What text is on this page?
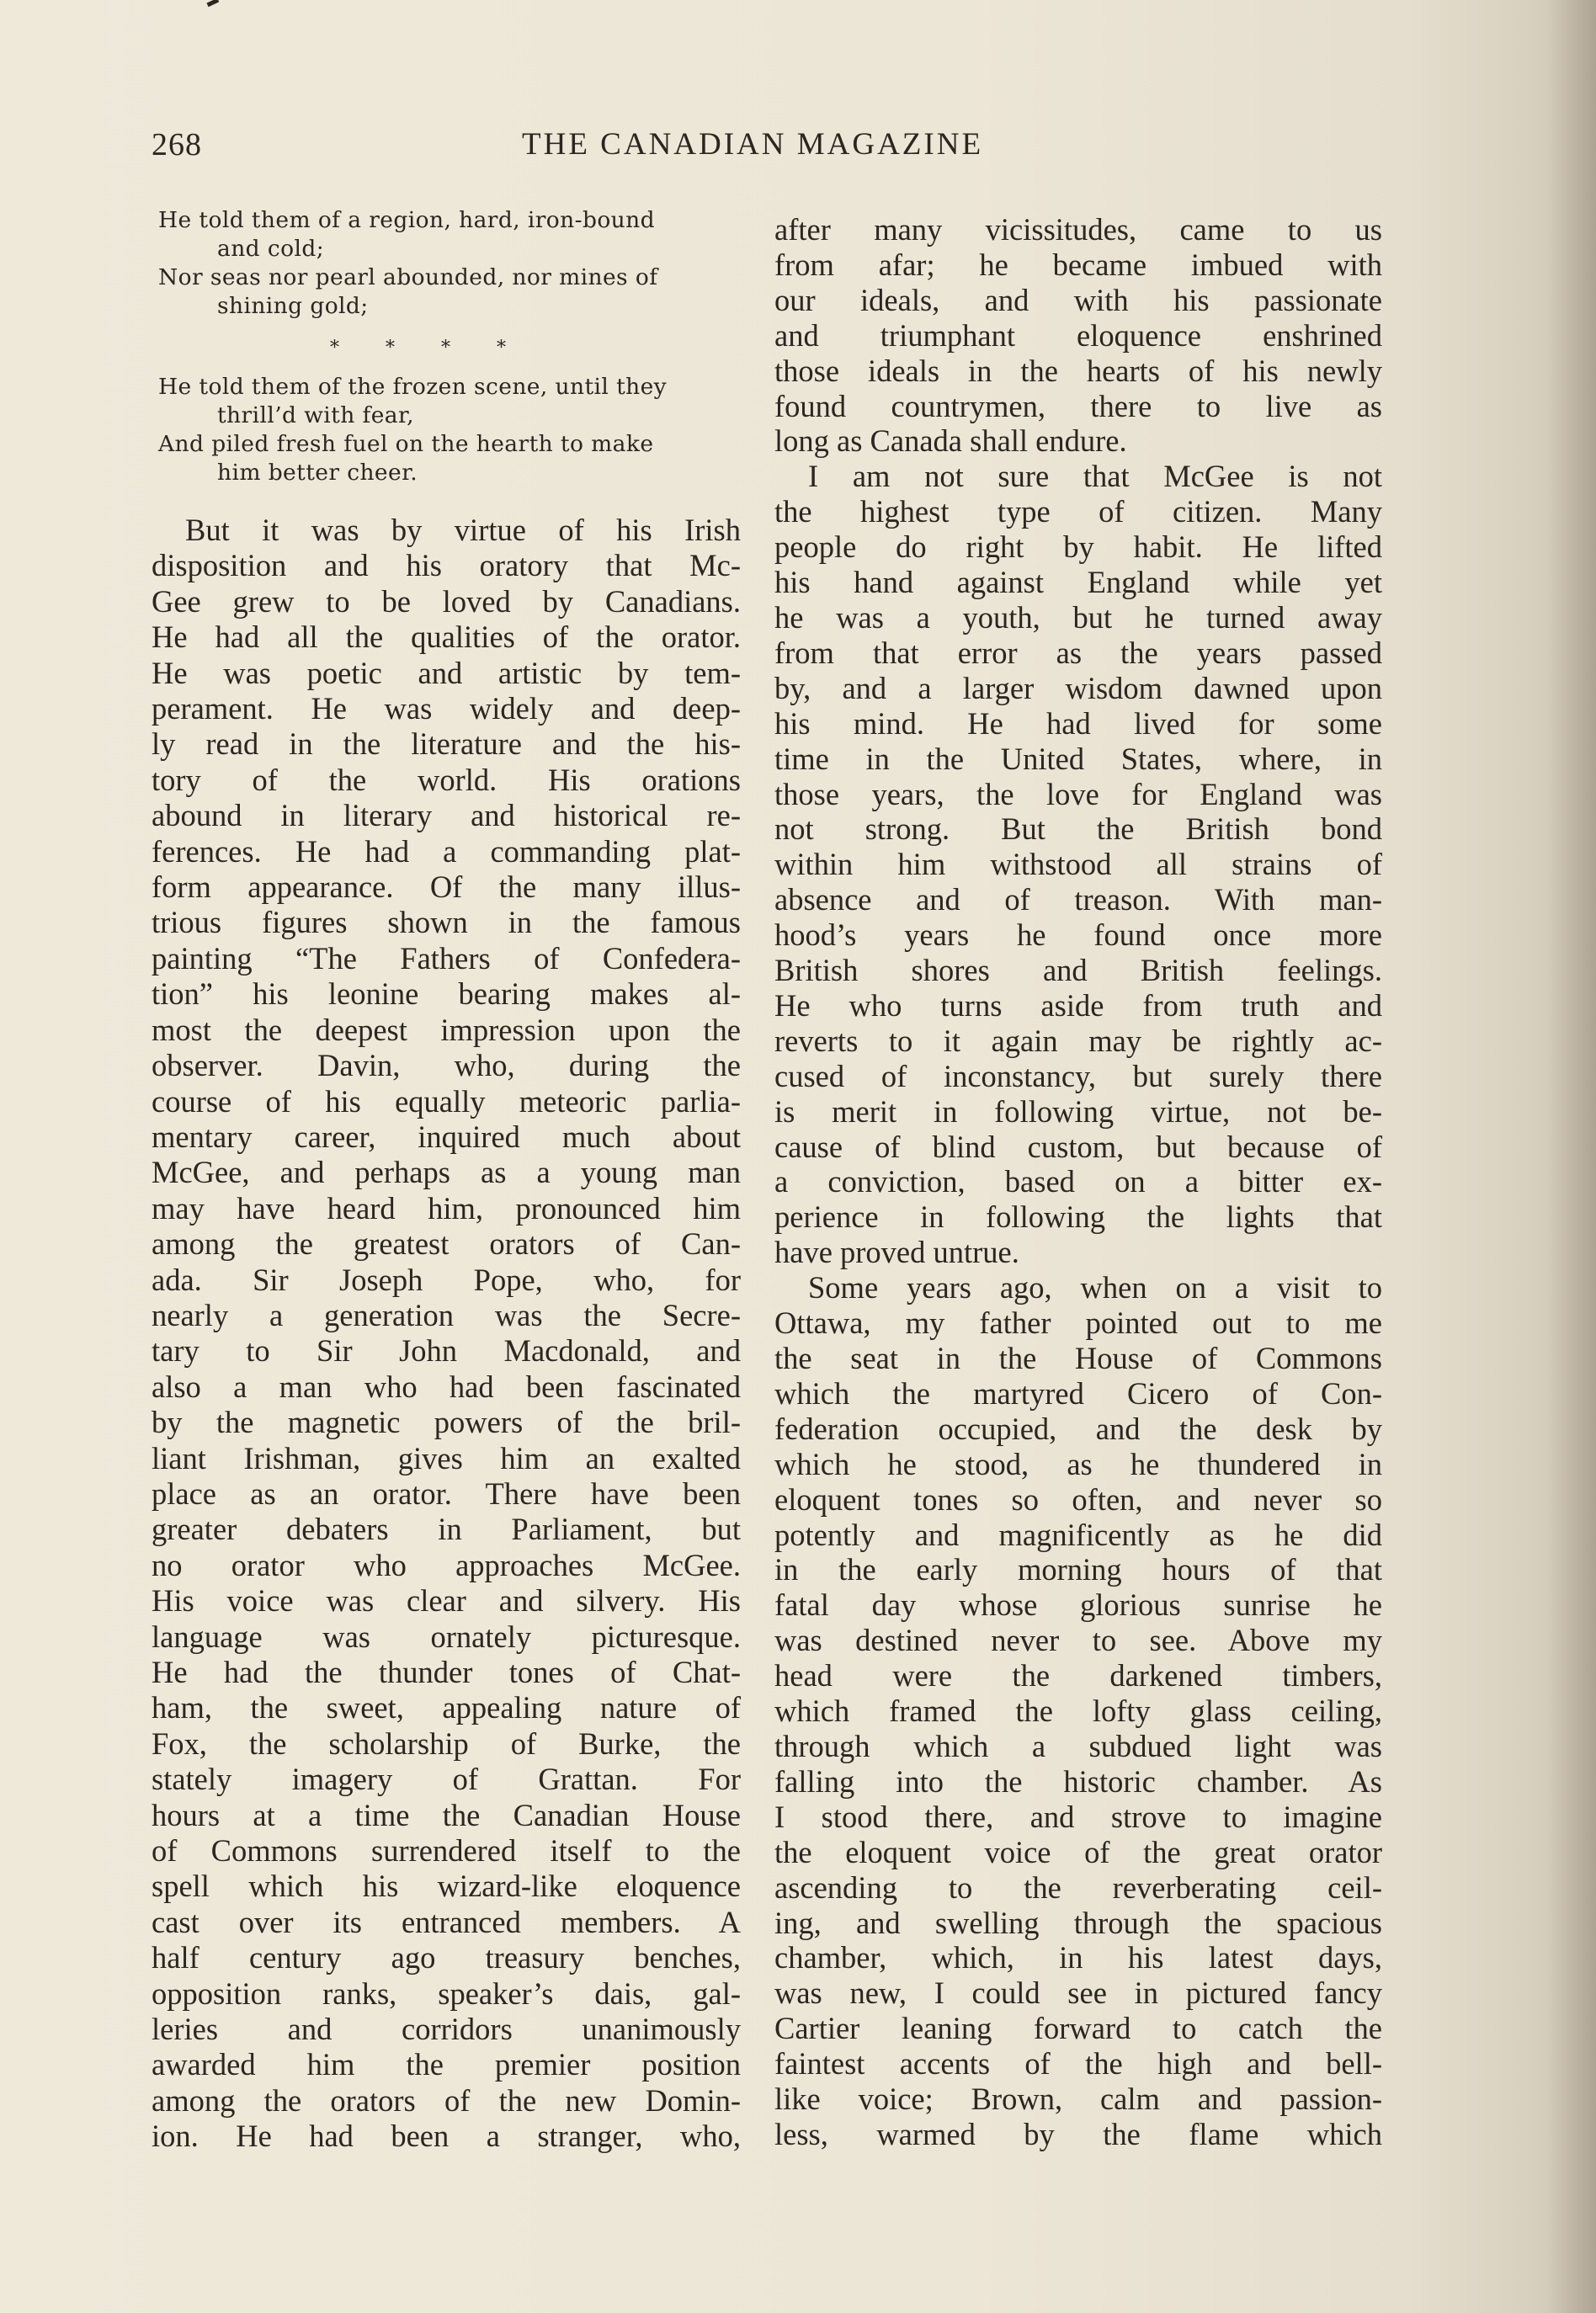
268	THE CANADIAN MAGAZINE
He told them of a region, hard, iron-bound
and cold;
Nor seas nor pearl abounded, nor mines of
shining gold;
* * * *
He told them of the frozen scene, until they
thrill’d with fear,
And piled fresh fuel on the hearth to make
him better cheer.
But it was by virtue of his Irish
disposition and his oratory that Mc-
Gee grew to be loved by Canadians.
He had all the qualities of the orator.
He was poetic and artistic by tem-
perament. He was widely and deep-
ly read in the literature and the his-
tory of the world. His orations
abound in literary and historical re-
ferences. He had a commanding plat-
form appearance. Of the many illus-
trious figures shown in the famous
painting “The Fathers of Confedera-
tion” his leonine bearing makes al-
most the deepest impression upon the
observer. Davin, who, during the
course of his equally meteoric parlia-
mentary career, inquired much about
McGee, and perhaps as a young man
may have heard him, pronounced him
among the greatest orators of Can-
ada. Sir Joseph Pope, who, for
nearly a generation was the Secre-
tary to Sir John Macdonald, and
also a man who had been fascinated
by the magnetic powers of the bril-
liant Irishman, gives him an exalted
place as an orator. There have been
greater debaters in Parliament, but
no orator who approaches McGee.
His voice was clear and silvery. His
language was ornately picturesque.
He had the thunder tones of Chat-
ham, the sweet, appealing nature of
Fox, the scholarship of Burke, the
stately imagery of Grattan. For
hours at a time the Canadian House
of Commons surrendered itself to the
spell which his wizard-like eloquence
cast over its entranced members. A
half century ago treasury benches,
opposition ranks, speaker’s dais, gal-
leries and corridors unanimously
awarded him the premier position
among the orators of the new Domin-
ion. He had been a stranger, who,
after many vicissitudes, came to us
from afar; he became imbued with
our ideals, and with his passionate
and triumphant eloquence enshrined
those ideals in the hearts of his newly
found countrymen, there to live as
long as Canada shall endure.
I am not sure that McGee is not
the highest type of citizen. Many
people do right by habit. He lifted
his hand against England while yet
he was a youth, but he turned away
from that error as the years passed
by, and a larger wisdom dawned upon
his mind. He had lived for some
time in the United States, where, in
those years, the love for England was
not strong. But the British bond
within him withstood all strains of
absence and of treason. With man-
hood’s years he found once more
British shores and British feelings.
He who turns aside from truth and
reverts to it again may be rightly ac-
cused of inconstancy, but surely there
is merit in following virtue, not be-
cause of blind custom, but because of
a conviction, based on a bitter ex-
perience in following the lights that
have proved untrue.
Some years ago, when on a visit to
Ottawa, my father pointed out to me
the seat in the House of Commons
which the martyred Cicero of Con-
federation occupied, and the desk by
which he stood, as he thundered in
eloquent tones so often, and never so
potently and magnificently as he did
in the early morning hours of that
fatal day whose glorious sunrise he
was destined never to see. Above my
head were the darkened timbers,
which framed the lofty glass ceiling,
through which a subdued light was
falling into the historic chamber. As
I stood there, and strove to imagine
the eloquent voice of the great orator
ascending to the reverberating ceil-
ing, and swelling through the spacious
chamber, which, in his latest days,
was new, I could see in pictured fancy
Cartier leaning forward to catch the
faintest accents of the high and bell-
like voice; Brown, calm and passion-
less, warmed by the flame which
